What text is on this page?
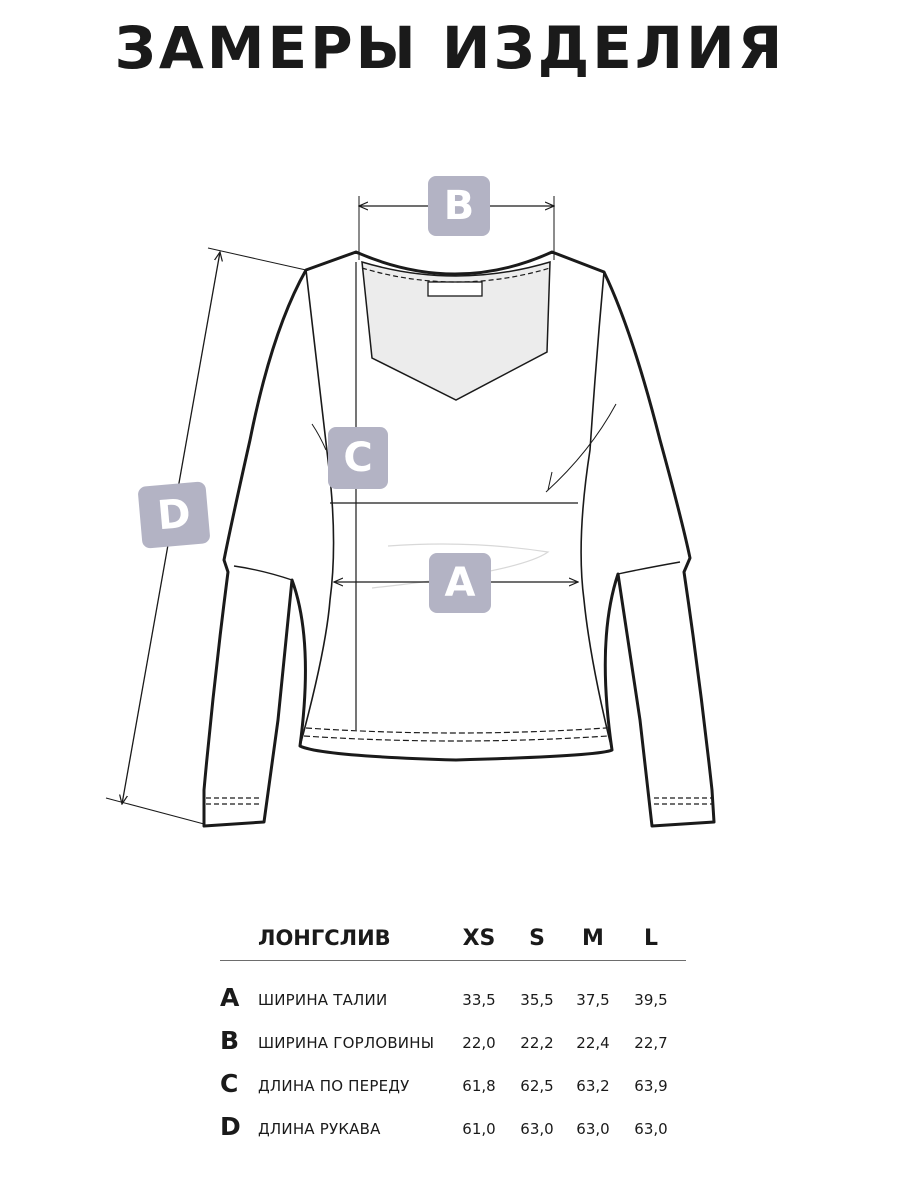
ЗАМЕРЫ ИЗДЕЛИЯ
B
C
A
D
ЛОНГСЛИВ	XS	S	M	L
A ШИРИНА ТАЛИИ	33,5	35,5	37,5	39,5
B ШИРИНА ГОРЛОВИНЫ	22,0	22,2	22,4	22,7
C ДЛИНА ПО ПЕРЕДУ	61,8	62,5	63,2	63,9
D ДЛИНА РУКАВА	61,0	63,0	63,0	63,0
